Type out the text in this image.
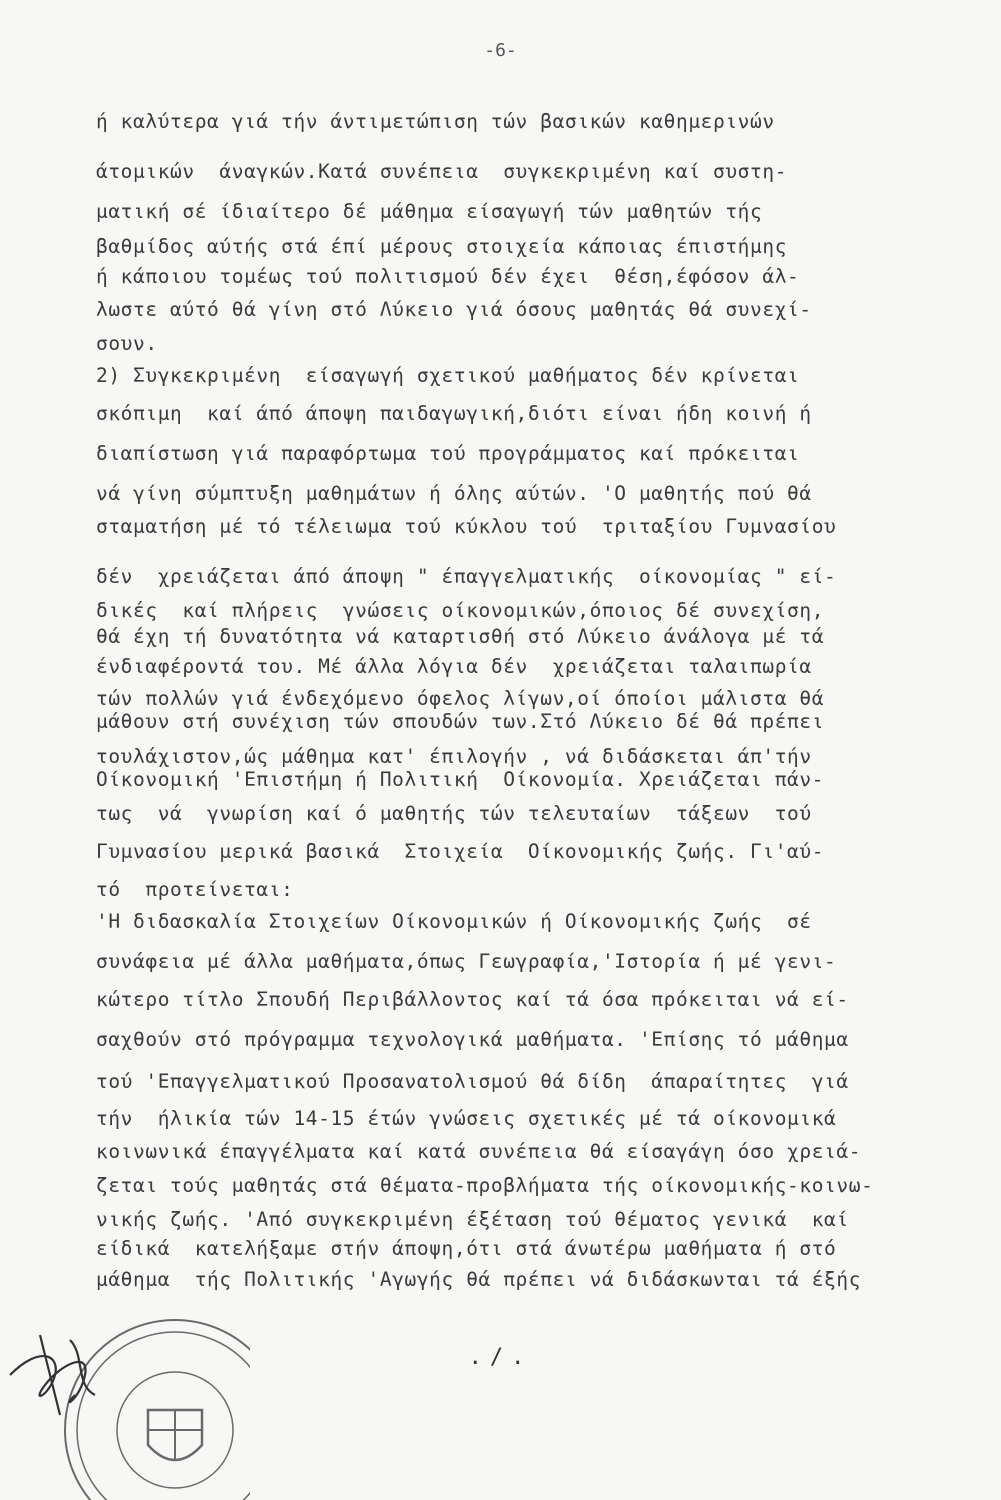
-6-
ή καλύτερα γιά τήν άντιμετώπιση τών βασικών καθημερινών
άτομικών  άναγκών.Κατά συνέπεια  συγκεκριμένη καί συστη-
ματική σέ ίδιαίτερο δέ μάθημα είσαγωγή τών μαθητών τής
βαθμίδος αύτής στά έπί μέρους στοιχεία κάποιας έπιστήμης
ή κάποιου τομέως τού πολιτισμού δέν έχει  θέση,έφόσον άλ-
λωστε αύτό θά γίνη στό Λύκειο γιά όσους μαθητάς θά συνεχί-
σουν.
2) Συγκεκριμένη  είσαγωγή σχετικού μαθήματος δέν κρίνεται
σκόπιμη  καί άπό άποψη παιδαγωγική,διότι είναι ήδη κοινή ή
διαπίστωση γιά παραφόρτωμα τού προγράμματος καί πρόκειται
νά γίνη σύμπτυξη μαθημάτων ή όλης αύτών. 'Ο μαθητής πού θά
σταματήση μέ τό τέλειωμα τού κύκλου τού  τριταξίου Γυμνασίου
δέν  χρειάζεται άπό άποψη " έπαγγελματικής  οίκονομίας " εί-
δικές  καί πλήρεις  γνώσεις οίκονομικών,όποιος δέ συνεχίση,
θά έχη τή δυνατότητα νά καταρτισθή στό Λύκειο άνάλογα μέ τά
ένδιαφέροντά του. Μέ άλλα λόγια δέν  χρειάζεται ταλαιπωρία
τών πολλών γιά ένδεχόμενο όφελος λίγων,οί όποίοι μάλιστα θά
μάθουν στή συνέχιση τών σπουδών των.Στό Λύκειο δέ θά πρέπει
τουλάχιστον,ώς μάθημα κατ' έπιλογήν , νά διδάσκεται άπ'τήν
Οίκονομική 'Επιστήμη ή Πολιτική  Οίκονομία. Χρειάζεται πάν-
τως  νά  γνωρίση καί ό μαθητής τών τελευταίων  τάξεων  τού
Γυμνασίου μερικά βασικά  Στοιχεία  Οίκονομικής ζωής. Γι'αύ-
τό  προτείνεται:
'Η διδασκαλία Στοιχείων Οίκονομικών ή Οίκονομικής ζωής  σέ
συνάφεια μέ άλλα μαθήματα,όπως Γεωγραφία,'Ιστορία ή μέ γενι-
κώτερο τίτλο Σπουδή Περιβάλλοντος καί τά όσα πρόκειται νά εί-
σαχθούν στό πρόγραμμα τεχνολογικά μαθήματα. 'Επίσης τό μάθημα
τού 'Επαγγελματικού Προσανατολισμού θά δίδη  άπαραίτητες  γιά
τήν  ήλικία τών 14-15 έτών γνώσεις σχετικές μέ τά οίκονομικά
κοινωνικά έπαγγέλματα καί κατά συνέπεια θά είσαγάγη όσο χρειά-
ζεται τούς μαθητάς στά θέματα-προβλήματα τής οίκονομικής-κοινω-
νικής ζωής. 'Από συγκεκριμένη έξέταση τού θέματος γενικά  καί
είδικά  κατελήξαμε στήν άποψη,ότι στά άνωτέρω μαθήματα ή στό
μάθημα  τής Πολιτικής 'Αγωγής θά πρέπει νά διδάσκωνται τά έξής
./.
